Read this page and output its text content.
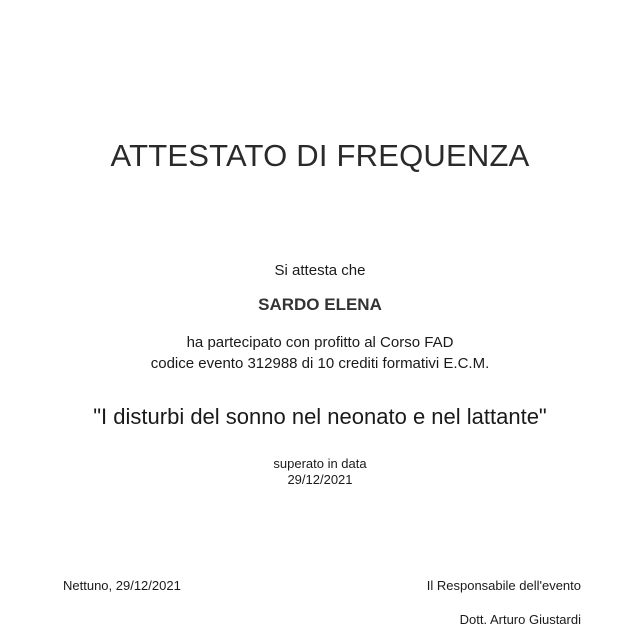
ATTESTATO DI FREQUENZA
Si attesta che
SARDO ELENA
ha partecipato con profitto al Corso FAD
codice evento 312988 di 10 crediti formativi E.C.M.
"I disturbi del sonno nel neonato e nel lattante"
superato in data
29/12/2021
Nettuno, 29/12/2021	Il Responsabile dell'evento
Dott. Arturo Giustardi
